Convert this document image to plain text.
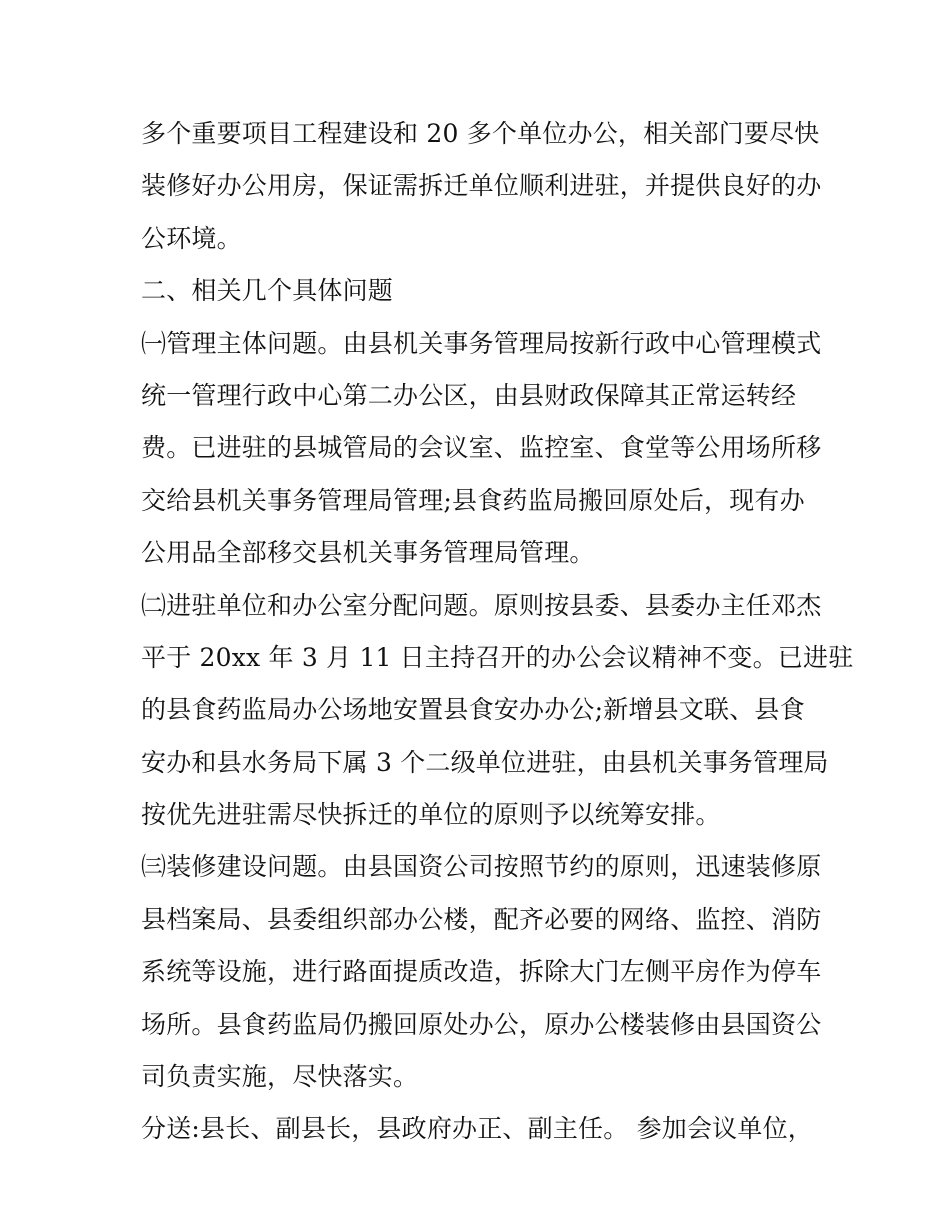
多个重要项目工程建设和 20 多个单位办公，相关部门要尽快
装修好办公用房，保证需拆迁单位顺利进驻，并提供良好的办
公环境。
二、相关几个具体问题
㈠管理主体问题。由县机关事务管理局按新行政中心管理模式
统一管理行政中心第二办公区，由县财政保障其正常运转经
费。已进驻的县城管局的会议室、监控室、食堂等公用场所移
交给县机关事务管理局管理;县食药监局搬回原处后，现有办
公用品全部移交县机关事务管理局管理。
㈡进驻单位和办公室分配问题。原则按县委、县委办主任邓杰
平于 20xx 年 3 月 11 日主持召开的办公会议精神不变。已进驻
的县食药监局办公场地安置县食安办办公;新增县文联、县食
安办和县水务局下属 3 个二级单位进驻，由县机关事务管理局
按优先进驻需尽快拆迁的单位的原则予以统筹安排。
㈢装修建设问题。由县国资公司按照节约的原则，迅速装修原
县档案局、县委组织部办公楼，配齐必要的网络、监控、消防
系统等设施，进行路面提质改造，拆除大门左侧平房作为停车
场所。县食药监局仍搬回原处办公，原办公楼装修由县国资公
司负责实施，尽快落实。
分送:县长、副县长，县政府办正、副主任。 参加会议单位，
